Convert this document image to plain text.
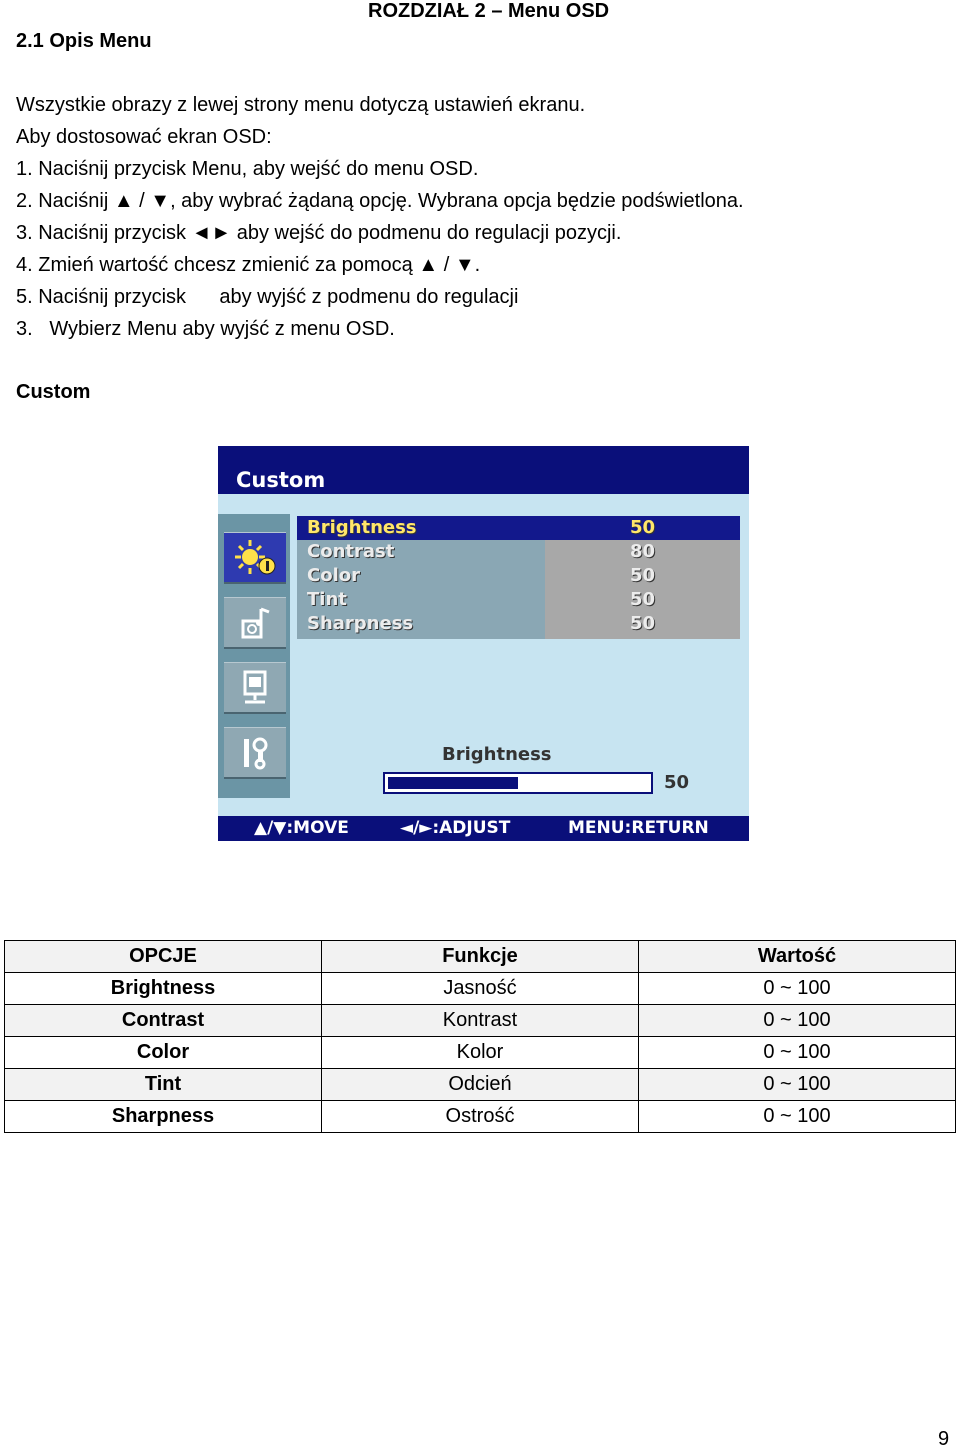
ROZDZIAŁ 2 – Menu OSD
2.1 Opis Menu
Wszystkie obrazy z lewej strony menu dotyczą ustawień ekranu.
Aby dostosować ekran OSD:
1. Naciśnij przycisk Menu, aby wejść do menu OSD.
2. Naciśnij ▲ / ▼, aby wybrać żądaną opcję. Wybrana opcja będzie podświetlona.
3. Naciśnij przycisk ◄► aby wejść do podmenu do regulacji pozycji.
4. Zmień wartość chcesz zmienić za pomocą ▲ / ▼.
5. Naciśnij przycisk      aby wyjść z podmenu do regulacji
3.   Wybierz Menu aby wyjść z menu OSD.
Custom
Custom
Brightness	50
Contrast	80
Color	50
Tint	50
Sharpness	50
Brightness
50
▲/▼:MOVE	◄/►:ADJUST	MENU:RETURN
OPCJE	Funkcje	Wartość
Brightness	Jasność	0 ~ 100
Contrast	Kontrast	0 ~ 100
Color	Kolor	0 ~ 100
Tint	Odcień	0 ~ 100
Sharpness	Ostrość	0 ~ 100
9
